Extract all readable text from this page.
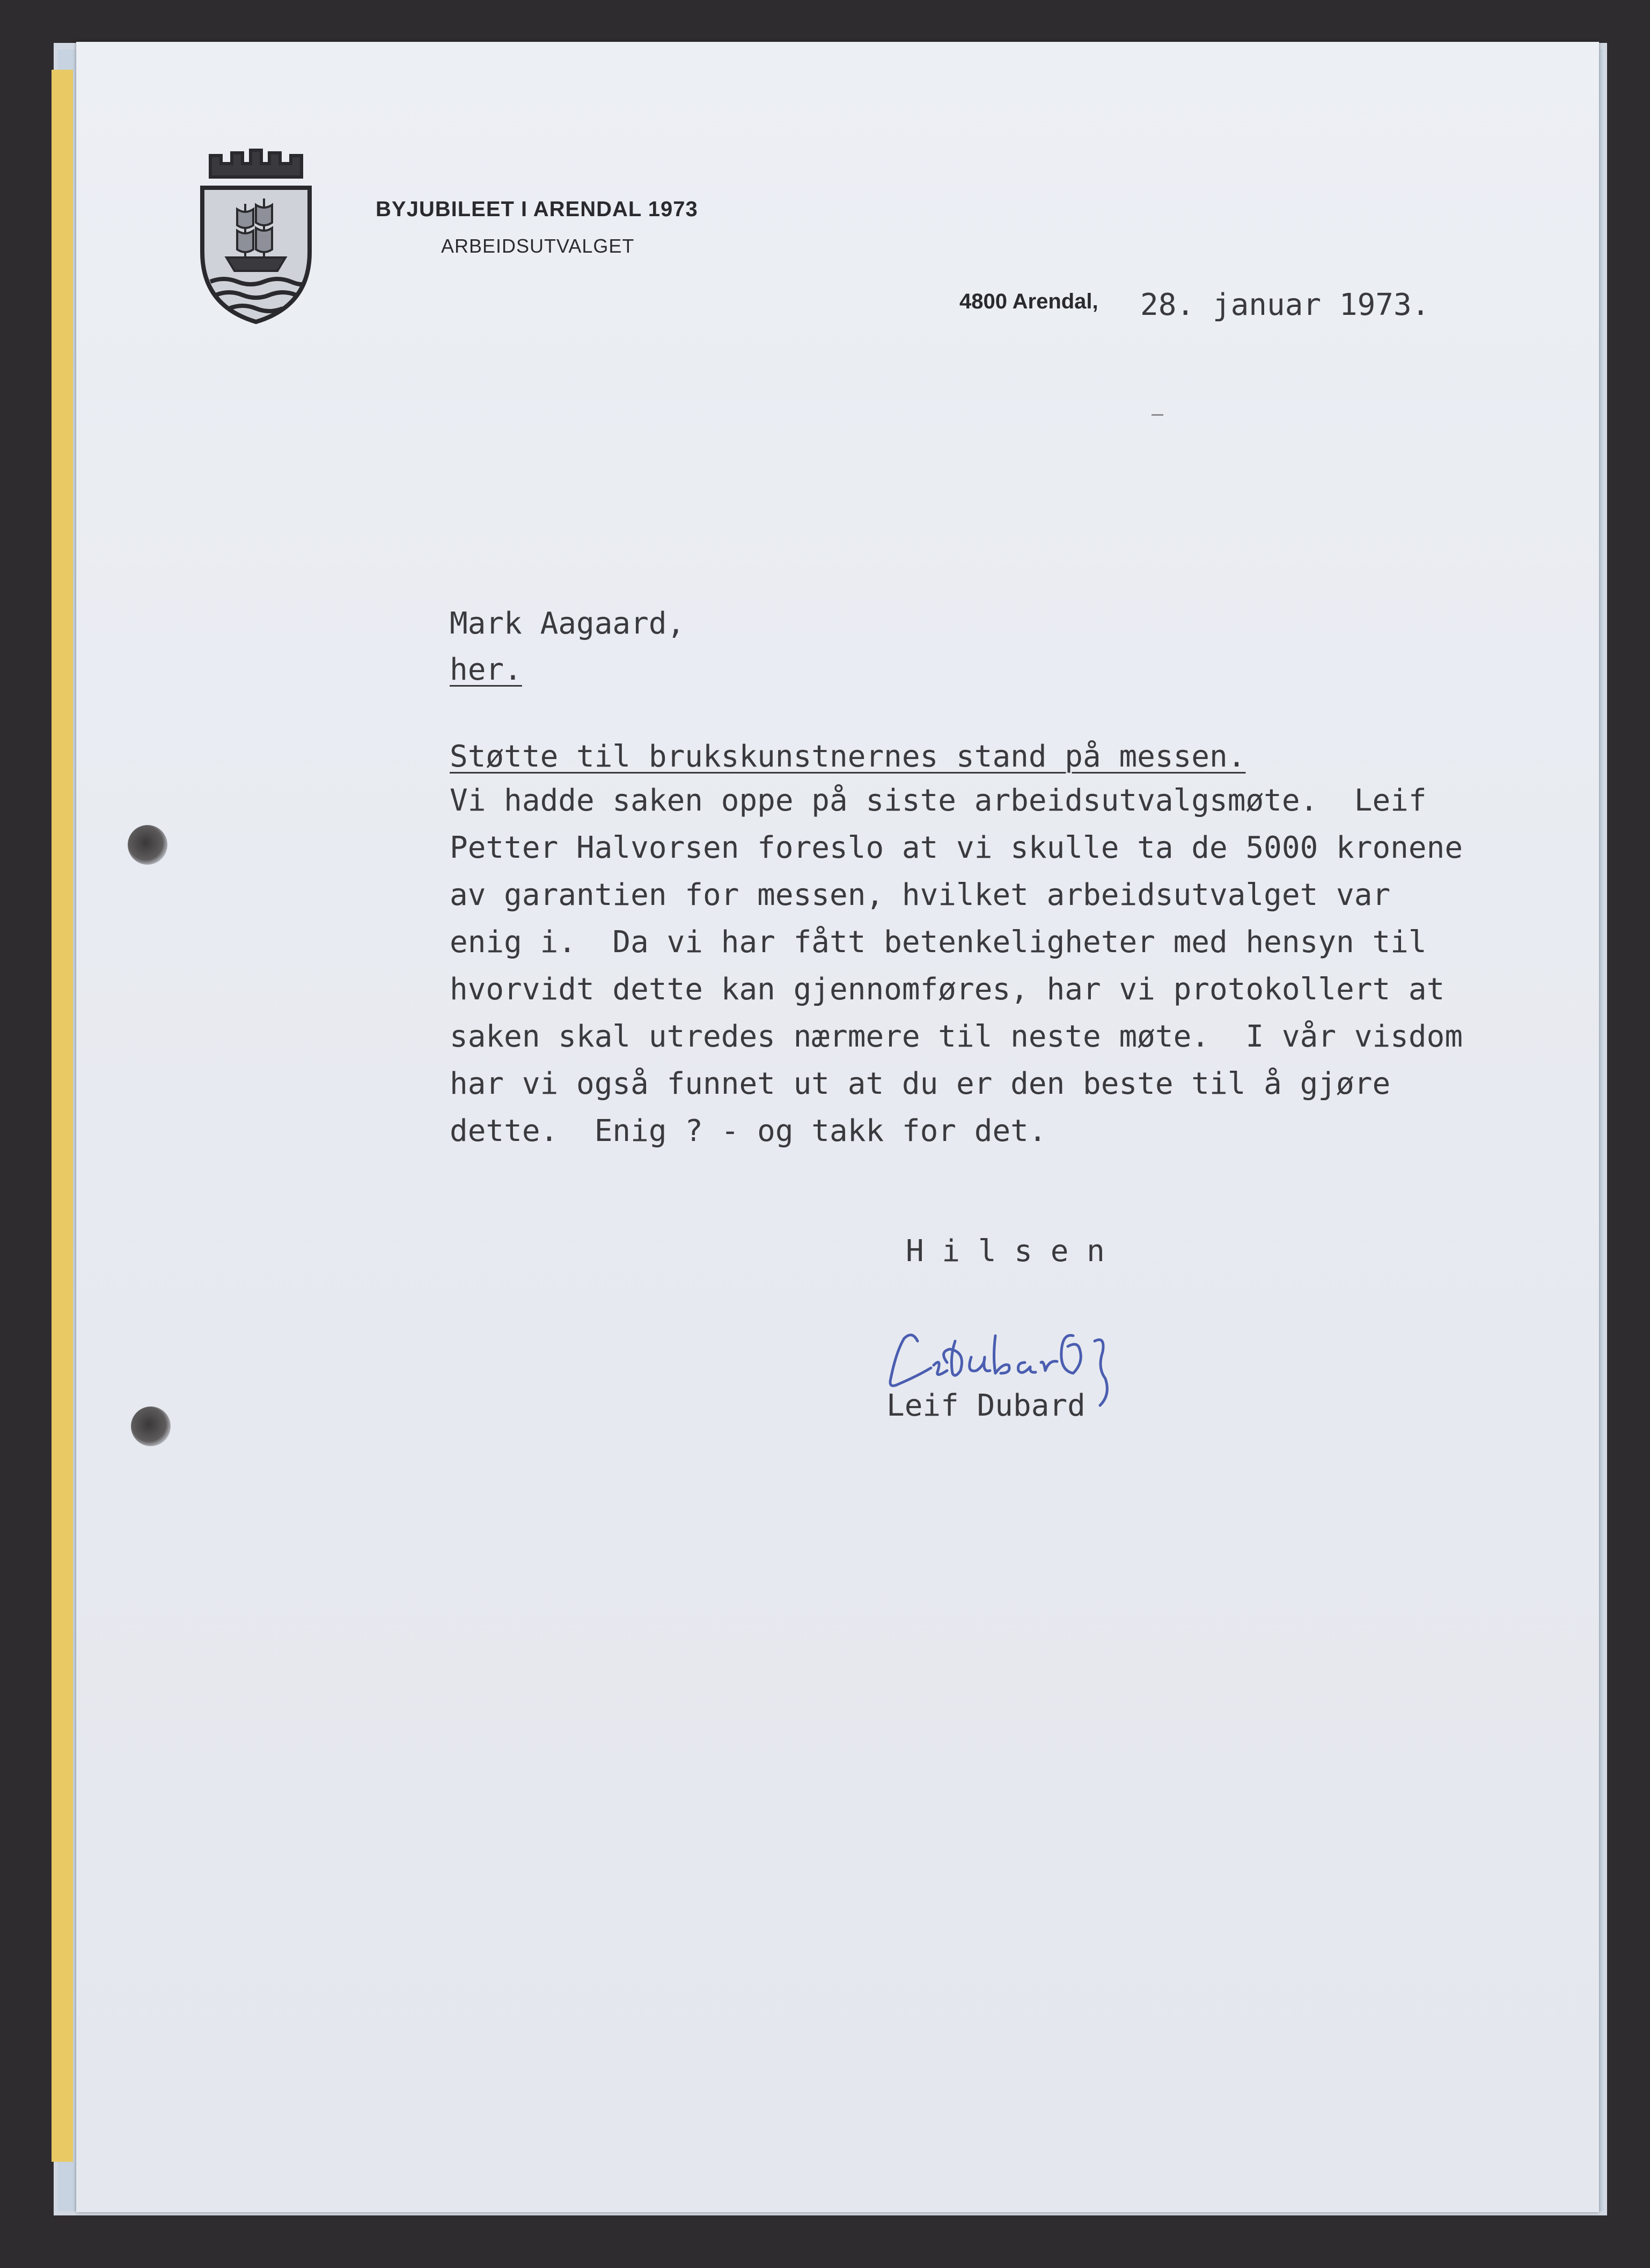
BYJUBILEET I ARENDAL 1973
ARBEIDSUTVALGET
4800 Arendal, 28. januar 1973.
Mark Aagaard,
her.
Støtte til brukskunstnernes stand på messen.
Vi hadde saken oppe på siste arbeidsutvalgsmøte.  Leif
Petter Halvorsen foreslo at vi skulle ta de 5000 kronene
av garantien for messen, hvilket arbeidsutvalget var
enig i.  Da vi har fått betenkeligheter med hensyn til
hvorvidt dette kan gjennomføres, har vi protokollert at
saken skal utredes nærmere til neste møte.  I vår visdom
har vi også funnet ut at du er den beste til å gjøre
dette.  Enig ? - og takk for det.
H i l s e n
Leif Dubard
